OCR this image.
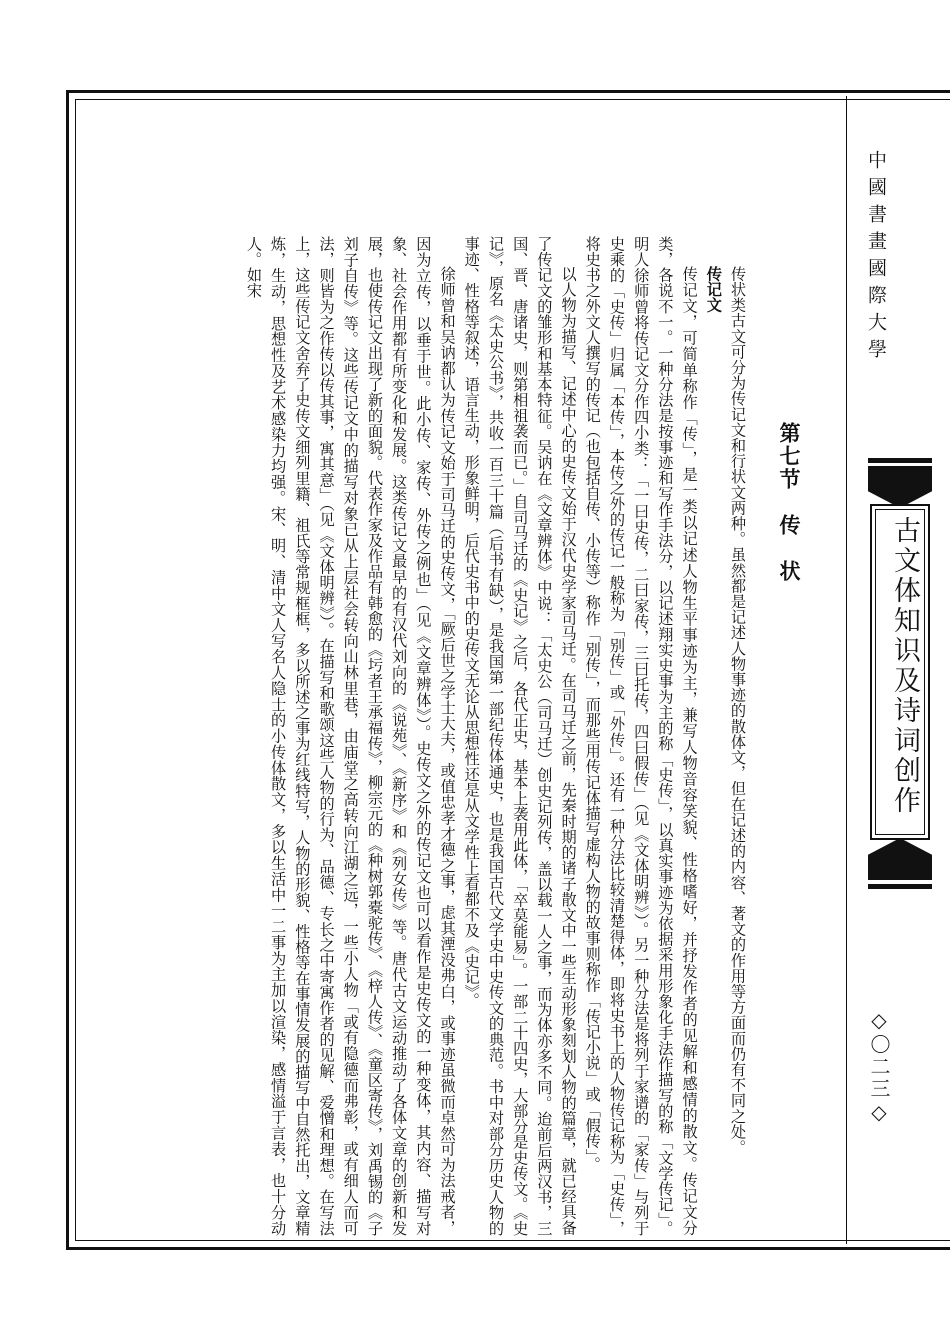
中國書畫國際大學
古文体知识及诗词创作
◇〇二三◇
第七节　传　状

传状类古文可分为传记文和行状文两种。虽然都是记述人物事迹的散体文，但在记述的内容、著文的作用等方面而仍有不同之处。

传记文

传记文，可简单称作「传」，是一类以记述人物生平事迹为主，兼写人物音容笑貌、性格嗜好，并抒发作者的见解和感情的散文。传记文分类，各说不一。一种分法是按事迹和写作手法分，以记述翔实史事为主的称「史传」，以真实事迹为依据采用形象化手法作描写的称「文学传记」。明人徐师曾将传记文分作四小类：「一曰史传，二曰家传，三曰托传，四曰假传」（见《文体明辨》）。另一种分法是将列于家谱的「家传」与列于史乘的「史传」归属「本传」，本传之外的传记一般称为「别传」或「外传」。还有一种分法比较清楚得体，即将史书上的人物传记称为「史传」，将史书之外文人撰写的传记（也包括自传、小传等）称作「别传」，而那些用传记体描写虚构人物的故事则称作「传记小说」或「假传」。

以人物为描写、记述中心的史传文始于汉代史学家司马迁。在司马迁之前，先秦时期的诸子散文中一些生动形象刻划人物的篇章，就已经具备了传记文的雏形和基本特征。吴讷在《文章辨体》中说：「太史公（司马迁）创史记列传，盖以载一人之事，而为体亦多不同。迨前后两汉书，三国、晋、唐诸史，则第相祖袭而已。」自司马迁的《史记》之后，各代正史，基本上袭用此体，「卒莫能易」。一部二十四史，大部分是史传文。《史记》，原名《太史公书》，共收一百三十篇（后书有缺），是我国第一部纪传体通史，也是我国古代文学史中史传文的典范。书中对部分历史人物的事迹、性格等叙述，语言生动，形象鲜明，后代史书中的史传文无论从思想性还是从文学性上看都不及《史记》。

徐师曾和吴讷都认为传记文始于司马迁的史传文，「厥后世之学士大夫，或值忠孝才德之事，虑其湮没弗白，或事迹虽微而卓然可为法戒者，因为立传，以垂于世。此小传、家传、外传之例也」（见《文章辨体》）。史传文之外的传记文也可以看作是史传文的一种变体，其内容、描写对象、社会作用都有所变化和发展。这类传记文最早的有汉代刘向的《说苑》、《新序》和《列女传》等。唐代古文运动推动了各体文章的创新和发展，也使传记文出现了新的面貌。代表作家及作品有韩愈的《圬者王承福传》，柳宗元的《种树郭橐驼传》、《梓人传》、《童区寄传》，刘禹锡的《子刘子自传》等。这些传记文中的描写对象已从上层社会转向山林里巷，由庙堂之高转向江湖之远，一些小人物「或有隐德而弗彰，或有细人而可法，则皆为之作传以传其事，寓其意」（见《文体明辨》）。在描写和歌颂这些人物的行为、品德、专长之中寄寓作者的见解、爱憎和理想。在写法上，这些传记文舍弃了史传文细列里籍、祖氏等常规框框，多以所述之事为红线特写，人物的形貌、性格等在事情发展的描写中自然托出，文章精炼，生动，思想性及艺术感染力均强。宋、明、清中文人写名人隐士的小传体散文，多以生活中一二事为主加以渲染，感情溢于言表，也十分动人。如宋
